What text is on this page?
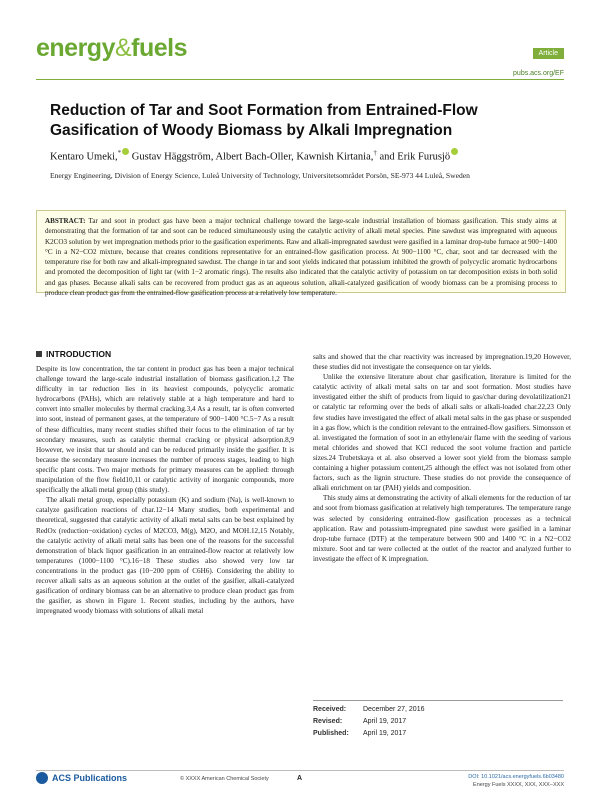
energy&fuels	Article
pubs.acs.org/EF
Reduction of Tar and Soot Formation from Entrained-Flow Gasification of Woody Biomass by Alkali Impregnation
Kentaro Umeki,* Gustav Häggström, Albert Bach-Oller, Kawnish Kirtania,† and Erik Furusjö
Energy Engineering, Division of Energy Science, Luleå University of Technology, Universitetsområdet Porsön, SE-973 44 Luleå, Sweden
ABSTRACT: Tar and soot in product gas have been a major technical challenge toward the large-scale industrial installation of biomass gasification. This study aims at demonstrating that the formation of tar and soot can be reduced simultaneously using the catalytic activity of alkali metal species. Pine sawdust was impregnated with aqueous K2CO3 solution by wet impregnation methods prior to the gasification experiments. Raw and alkali-impregnated sawdust were gasified in a laminar drop-tube furnace at 900−1400 °C in a N2−CO2 mixture, because that creates conditions representative for an entrained-flow gasification process. At 900−1100 °C, char, soot and tar decreased with the temperature rise for both raw and alkali-impregnated sawdust. The change in tar and soot yields indicated that potassium inhibited the growth of polycyclic aromatic hydrocarbons and promoted the decomposition of light tar (with 1−2 aromatic rings). The results also indicated that the catalytic activity of potassium on tar decomposition exists in both solid and gas phases. Because alkali salts can be recovered from product gas as an aqueous solution, alkali-catalyzed gasification of woody biomass can be a promising process to produce clean product gas from the entrained-flow gasification process at a relatively low temperature.
INTRODUCTION

Despite its low concentration, the tar content in product gas has been a major technical challenge toward the large-scale industrial installation of biomass gasification.1,2 The difficulty in tar reduction lies in its heaviest compounds, polycyclic aromatic hydrocarbons (PAHs), which are relatively stable at a high temperature and hard to convert into smaller molecules by thermal cracking.3,4 As a result, tar is often converted into soot, instead of permanent gases, at the temperature of 900−1400 °C.5−7 As a result of these difficulties, many recent studies shifted their focus to the elimination of tar by secondary measures, such as catalytic thermal cracking or physical adsorption.8,9 However, we insist that tar should and can be reduced primarily inside the gasifier. It is because the secondary measure increases the number of process stages, leading to high specific plant costs. Two major methods for primary measures can be applied: through manipulation of the flow field10,11 or catalytic activity of inorganic compounds, more specifically the alkali metal group (this study).

The alkali metal group, especially potassium (K) and sodium (Na), is well-known to catalyze gasification reactions of char.12−14 Many studies, both experimental and theoretical, suggested that catalytic activity of alkali metal salts can be best explained by RedOx (reduction−oxidation) cycles of M2CO3, M(g), M2O, and MOH.12,15 Notably, the catalytic activity of alkali metal salts has been one of the reasons for the successful demonstration of black liquor gasification in an entrained-flow reactor at relatively low temperatures (1000−1100 °C).16−18 These studies also showed very low tar concentrations in the product gas (10−200 ppm of C6H6). Considering the ability to recover alkali salts as an aqueous solution at the outlet of the gasifier, alkali-catalyzed gasification of ordinary biomass can be an alternative to produce clean product gas from the gasifier, as shown in Figure 1. Recent studies, including by the authors, have impregnated woody biomass with solutions of alkali metal

salts and showed that the char reactivity was increased by impregnation.19,20 However, these studies did not investigate the consequence on tar yields.

Unlike the extensive literature about char gasification, literature is limited for the catalytic activity of alkali metal salts on tar and soot formation. Most studies have investigated either the shift of products from liquid to gas/char during devolatilization21 or catalytic tar reforming over the beds of alkali salts or alkali-loaded char.22,23 Only few studies have investigated the effect of alkali metal salts in the gas phase or suspended in a gas flow, which is the condition relevant to the entrained-flow gasifiers. Simonsson et al. investigated the formation of soot in an ethylene/air flame with the seeding of various metal chlorides and showed that KCl reduced the soot volume fraction and particle sizes.24 Trubetskaya et al. also observed a lower soot yield from the biomass sample containing a higher potassium content,25 although the effect was not isolated from other factors, such as the lignin structure. These studies do not provide the consequence of alkali enrichment on tar (PAH) yields and composition.

This study aims at demonstrating the activity of alkali elements for the reduction of tar and soot from biomass gasification at relatively high temperatures. The temperature range was selected by considering entrained-flow gasification processes as a technical application. Raw and potassium-impregnated pine sawdust were gasified in a laminar drop-tube furnace (DTF) at the temperature between 900 and 1400 °C in a N2−CO2 mixture. Soot and tar were collected at the outlet of the reactor and analyzed further to investigate the effect of K impregnation.

Received:	December 27, 2016
Revised:	April 19, 2017
Published:	April 19, 2017
ACS Publications	© XXXX American Chemical Society	A	DOI: 10.1021/acs.energyfuels.6b03480
Energy Fuels XXXX, XXX, XXX−XXX
